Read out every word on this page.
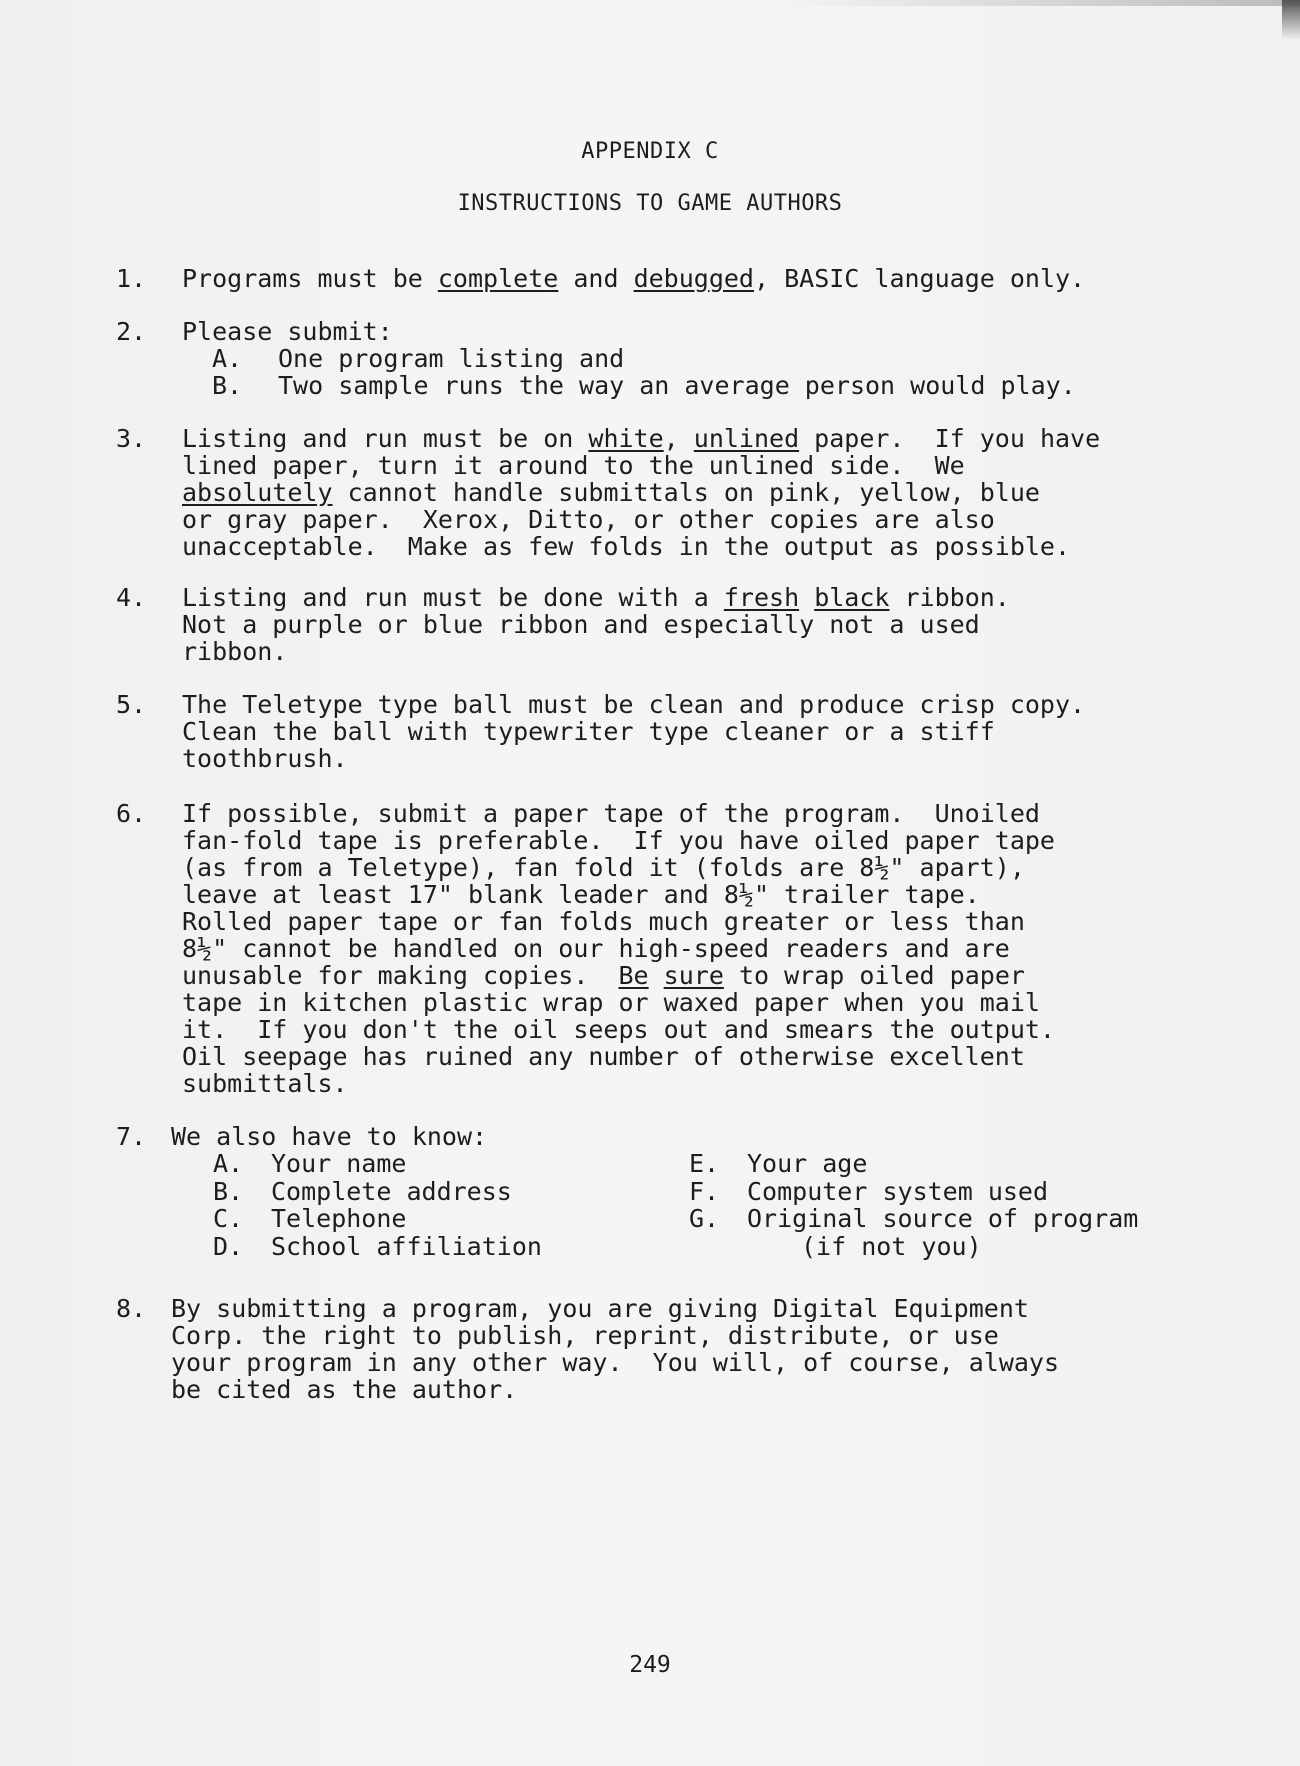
APPENDIX C
INSTRUCTIONS TO GAME AUTHORS
1.	Programs must be complete and debugged, BASIC language only.
2.	Please submit:
A. One program listing and
B. Two sample runs the way an average person would play.
3.	Listing and run must be on white, unlined paper.  If you have
lined paper, turn it around to the unlined side.  We
absolutely cannot handle submittals on pink, yellow, blue
or gray paper.  Xerox, Ditto, or other copies are also
unacceptable.  Make as few folds in the output as possible.
4.	Listing and run must be done with a fresh black ribbon.
Not a purple or blue ribbon and especially not a used
ribbon.
5.	The Teletype type ball must be clean and produce crisp copy.
Clean the ball with typewriter type cleaner or a stiff
toothbrush.
6.	If possible, submit a paper tape of the program.  Unoiled
fan-fold tape is preferable.  If you have oiled paper tape
(as from a Teletype), fan fold it (folds are 8½" apart),
leave at least 17" blank leader and 8½" trailer tape.
Rolled paper tape or fan folds much greater or less than
8½" cannot be handled on our high-speed readers and are
unusable for making copies.  Be sure to wrap oiled paper
tape in kitchen plastic wrap or waxed paper when you mail
it.  If you don't the oil seeps out and smears the output.
Oil seepage has ruined any number of otherwise excellent
submittals.
7. We also have to know:
A. Your name
B. Complete address
C. Telephone
D. School affiliation
E. Your age
F. Computer system used
G. Original source of program
(if not you)
8. By submitting a program, you are giving Digital Equipment
Corp. the right to publish, reprint, distribute, or use
your program in any other way.  You will, of course, always
be cited as the author.
249
